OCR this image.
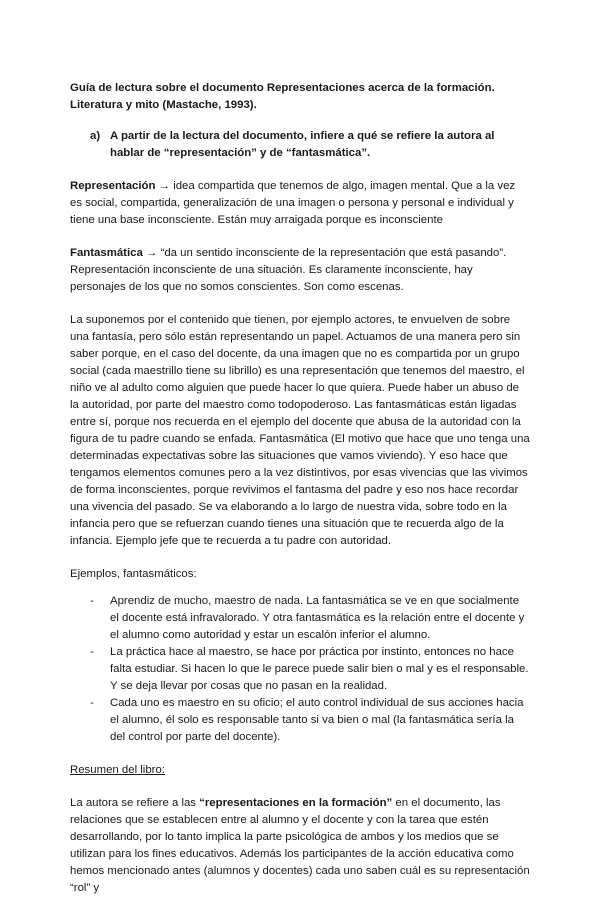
Guía de lectura sobre el documento Representaciones acerca de la formación. Literatura y mito (Mastache, 1993).
a) A partir de la lectura del documento, infiere a qué se refiere la autora al hablar de “representación” y de “fantasmática”.

Representación → idea compartida que tenemos de algo, imagen mental. Que a la vez es social, compartida, generalización de una imagen o persona y personal e individual y tiene una base inconsciente. Están muy arraigada porque es inconsciente

Fantasmática → “da un sentido inconsciente de la representación que está pasando”. Representación inconsciente de una situación. Es claramente inconsciente, hay personajes de los que no somos conscientes. Son como escenas.

La suponemos por el contenido que tienen, por ejemplo actores, te envuelven de sobre una fantasía, pero sólo están representando un papel. Actuamos de una manera pero sin saber porque, en el caso del docente, da una imagen que no es compartida por un grupo social (cada maestrillo tiene su librillo) es una representación que tenemos del maestro, el niño ve al adulto como alguien que puede hacer lo que quiera. Puede haber un abuso de la autoridad, por parte del maestro como todopoderoso. Las fantasmáticas están ligadas entre sí, porque nos recuerda en el ejemplo del docente que abusa de la autoridad con la figura de tu padre cuando se enfada. Fantasmática (El motivo que hace que uno tenga una determinadas expectativas sobre las situaciones que vamos viviendo). Y eso hace que tengamos elementos comunes pero a la vez distintivos, por esas vivencias que las vivimos de forma inconscientes, porque revivimos el fantasma del padre y eso nos hace recordar una vivencia del pasado. Se va elaborando a lo largo de nuestra vida, sobre todo en la infancia pero que se refuerzan cuando tienes una situación que te recuerda algo de la infancia. Ejemplo jefe que te recuerda a tu padre con autoridad.

Ejemplos, fantasmáticos:
-	Aprendiz de mucho, maestro de nada. La fantasmática se ve en que socialmente el docente está infravalorado. Y otra fantasmática es la relación entre el docente y el alumno como autoridad y estar un escalón inferior el alumno.
-	La práctica hace al maestro, se hace por práctica por instinto, entonces no hace falta estudiar. Si hacen lo que le parece puede salir bien o mal y es el responsable. Y se deja llevar por cosas que no pasan en la realidad.
-	Cada uno es maestro en su oficio; el auto control individual de sus acciones hacia el alumno, él solo es responsable tanto si va bien o mal (la fantasmática sería la del control por parte del docente).
Resumen del libro:

La autora se refiere a las “representaciones en la formación” en el documento, las relaciones que se establecen entre al alumno y el docente y con la tarea que estén desarrollando, por lo tanto implica la parte psicológica de ambos y los medios que se utilizan para los fines educativos. Además los participantes de la acción educativa como hemos mencionado antes (alumnos y docentes) cada uno saben cuál es su representación “rol” y
